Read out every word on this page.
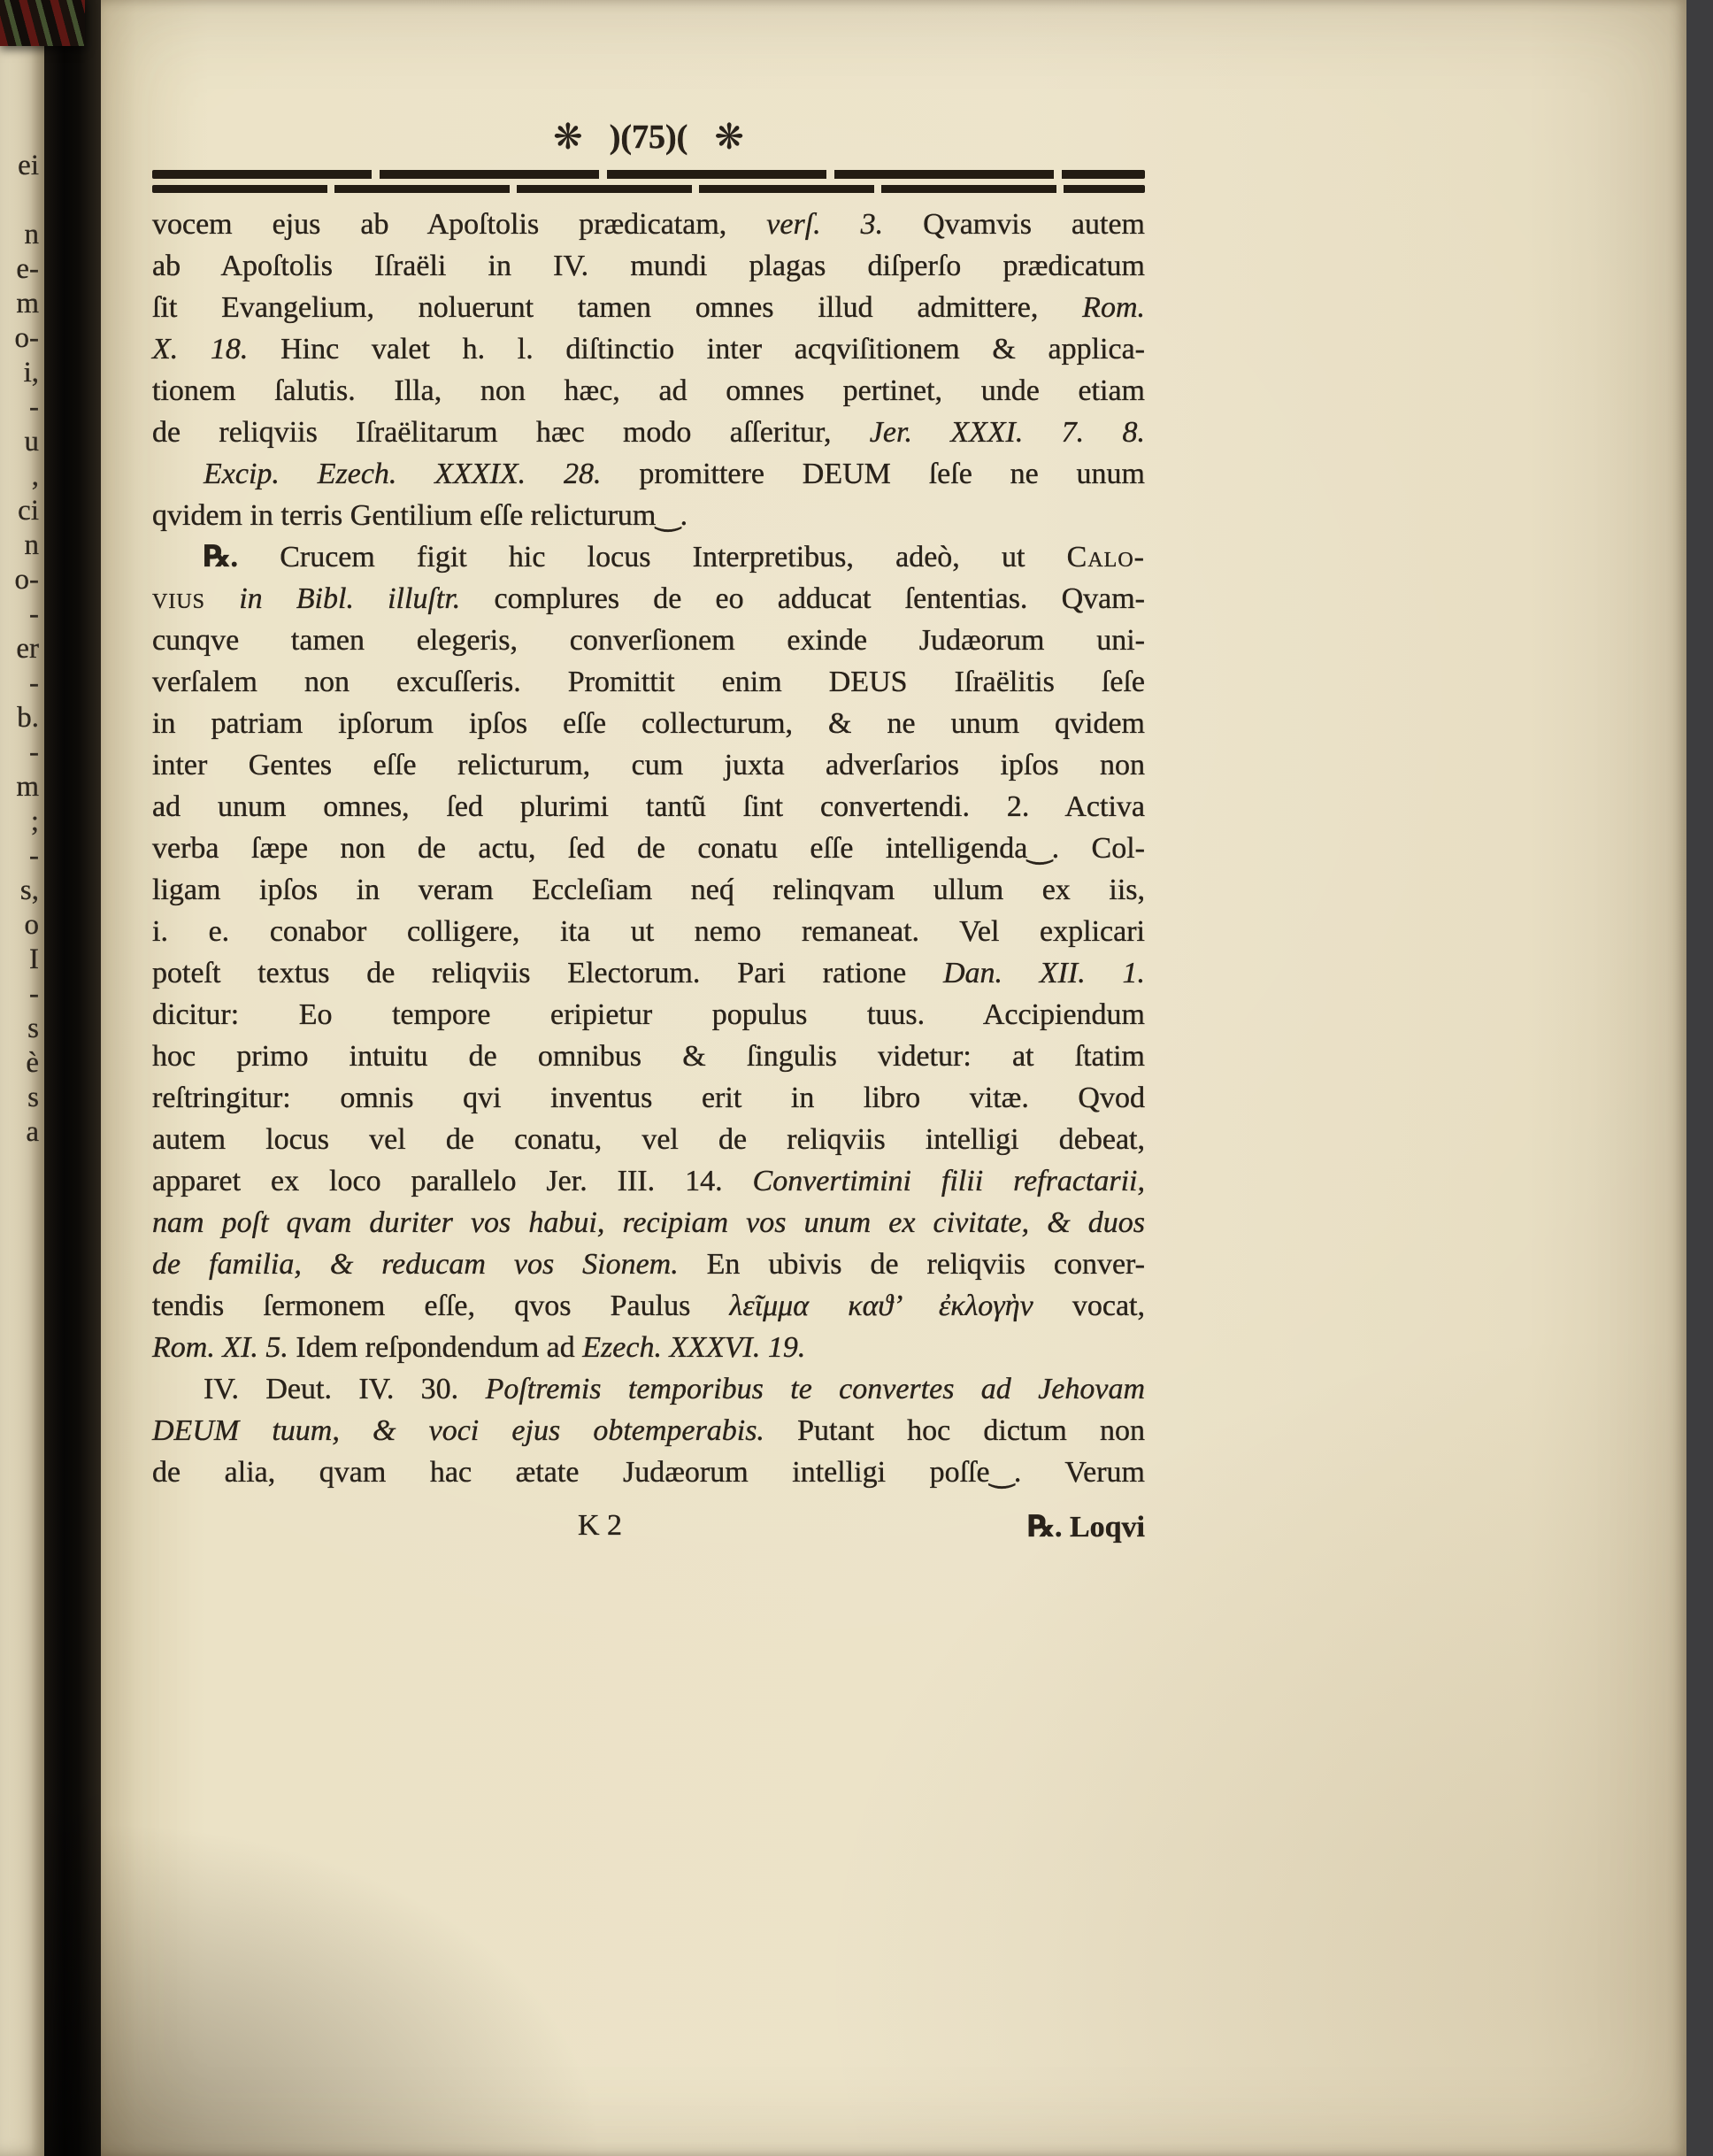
ei
n
e-
m
o-
i,
-
u
,
ci
n
o-
-
er
-
b.
-
m
;
-
s,
o
I
-
s
è
s
a
❋ )(75)( ❋
vocem ejus ab Apoſtolis prædicatam, verſ. 3. Qvamvis autem
ab Apoſtolis Iſraëli in IV. mundi plagas diſperſo prædicatum
ſit Evangelium, noluerunt tamen omnes illud admittere, Rom.
X. 18. Hinc valet h. l. diſtinctio inter acqviſitionem & applica-
tionem ſalutis. Illa, non hæc, ad omnes pertinet, unde etiam
de reliqviis Iſraëlitarum hæc modo aſſeritur, Jer. XXXI. 7. 8.
Excip. Ezech. XXXIX. 28. promittere DEUM ſeſe ne unum
qvidem in terris Gentilium eſſe relicturum‿.
℞. Crucem figit hic locus Interpretibus, adeò, ut Calo-
vius in Bibl. illuſtr. complures de eo adducat ſententias. Qvam-
cunqve tamen elegeris, converſionem exinde Judæorum uni-
verſalem non excuſſeris. Promittit enim DEUS Iſraëlitis ſeſe
in patriam ipſorum ipſos eſſe collecturum, & ne unum qvidem
inter Gentes eſſe relicturum, cum juxta adverſarios ipſos non
ad unum omnes, ſed plurimi tantũ ſint convertendi. 2. Activa
verba ſæpe non de actu, ſed de conatu eſſe intelligenda‿. Col-
ligam ipſos in veram Eccleſiam neq́ relinqvam ullum ex iis,
i. e. conabor colligere, ita ut nemo remaneat. Vel explicari
poteſt textus de reliqviis Electorum. Pari ratione Dan. XII. 1.
dicitur: Eo tempore eripietur populus tuus. Accipiendum
hoc primo intuitu de omnibus & ſingulis videtur: at ſtatim
reſtringitur: omnis qvi inventus erit in libro vitæ. Qvod
autem locus vel de conatu, vel de reliqviis intelligi debeat,
apparet ex loco parallelo Jer. III. 14. Convertimini filii refractarii,
nam poſt qvam duriter vos habui, recipiam vos unum ex civitate, & duos
de familia, & reducam vos Sionem. En ubivis de reliqviis conver-
tendis ſermonem eſſe, qvos Paulus λεῖμμα καϑ’ ἐκλογὴν vocat,
Rom. XI. 5. Idem reſpondendum ad Ezech. XXXVI. 19.
IV. Deut. IV. 30. Poſtremis temporibus te convertes ad Jehovam
DEUM tuum, & voci ejus obtemperabis. Putant hoc dictum non
de alia, qvam hac ætate Judæorum intelligi poſſe‿. Verum
K 2	℞. Loqvi
